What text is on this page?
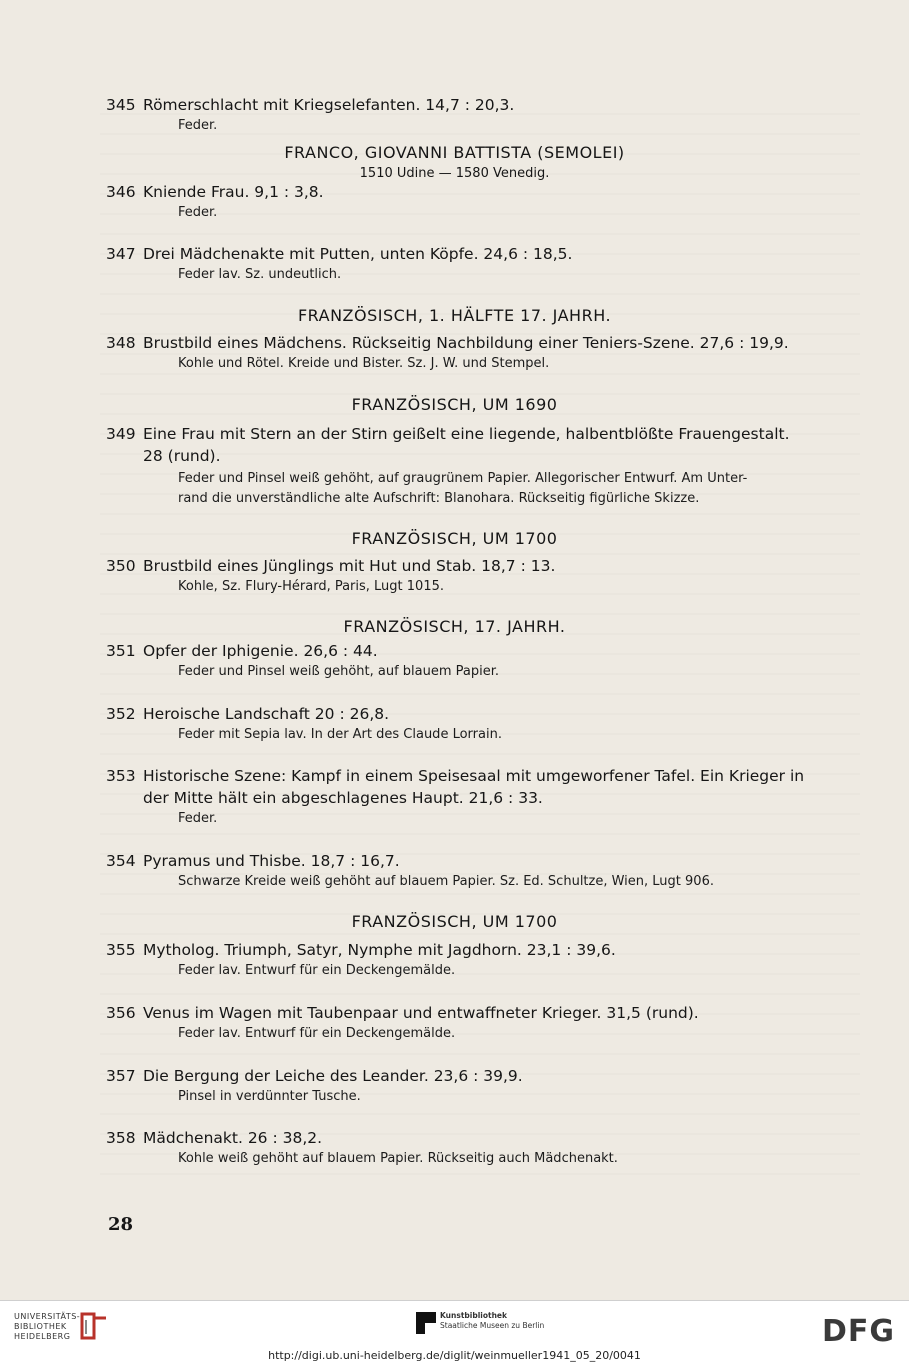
345 Römerschlacht mit Kriegselefanten. 14,7 : 20,3.
Feder.
FRANCO, GIOVANNI BATTISTA (SEMOLEI)
1510 Udine — 1580 Venedig.
346 Kniende Frau. 9,1 : 3,8.
Feder.
347 Drei Mädchenakte mit Putten, unten Köpfe. 24,6 : 18,5.
Feder lav. Sz. undeutlich.
FRANZÖSISCH, 1. HÄLFTE 17. JAHRH.
348 Brustbild eines Mädchens. Rückseitig Nachbildung einer Teniers-Szene. 27,6 : 19,9.
Kohle und Rötel. Kreide und Bister. Sz. J. W. und Stempel.
FRANZÖSISCH, UM 1690
349 Eine Frau mit Stern an der Stirn geißelt eine liegende, halbentblößte Frauengestalt.
28 (rund).
Feder und Pinsel weiß gehöht, auf graugrünem Papier. Allegorischer Entwurf. Am Unter-
rand die unverständliche alte Aufschrift: Blanohara. Rückseitig figürliche Skizze.
FRANZÖSISCH, UM 1700
350 Brustbild eines Jünglings mit Hut und Stab. 18,7 : 13.
Kohle, Sz. Flury-Hérard, Paris, Lugt 1015.
FRANZÖSISCH, 17. JAHRH.
351 Opfer der Iphigenie. 26,6 : 44.
Feder und Pinsel weiß gehöht, auf blauem Papier.
352 Heroische Landschaft 20 : 26,8.
Feder mit Sepia lav. In der Art des Claude Lorrain.
353 Historische Szene: Kampf in einem Speisesaal mit umgeworfener Tafel. Ein Krieger in
der Mitte hält ein abgeschlagenes Haupt. 21,6 : 33.
Feder.
354 Pyramus und Thisbe. 18,7 : 16,7.
Schwarze Kreide weiß gehöht auf blauem Papier. Sz. Ed. Schultze, Wien, Lugt 906.
FRANZÖSISCH, UM 1700
355 Mytholog. Triumph, Satyr, Nymphe mit Jagdhorn. 23,1 : 39,6.
Feder lav. Entwurf für ein Deckengemälde.
356 Venus im Wagen mit Taubenpaar und entwaffneter Krieger. 31,5 (rund).
Feder lav. Entwurf für ein Deckengemälde.
357 Die Bergung der Leiche des Leander. 23,6 : 39,9.
Pinsel in verdünnter Tusche.
358 Mädchenakt. 26 : 38,2.
Kohle weiß gehöht auf blauem Papier. Rückseitig auch Mädchenakt.
28
UNIVERSITÄTS-
BIBLIOTHEK
HEIDELBERG
Kunstbibliothek
Staatliche Museen zu Berlin	DFG
http://digi.ub.uni-heidelberg.de/diglit/weinmueller1941_05_20/0041
